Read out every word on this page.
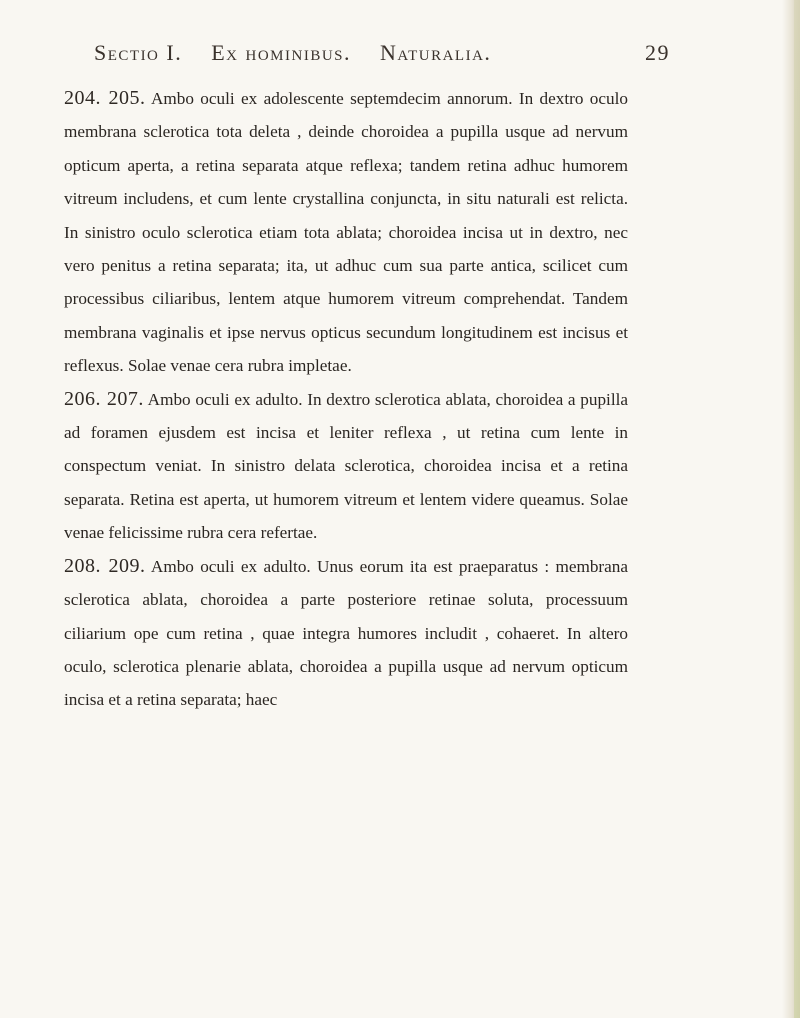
Sectio I. Ex hominibus. Naturalia.	29

204. 205. Ambo oculi ex adolescente septemdecim annorum. In dextro oculo membrana sclerotica tota deleta , deinde choroidea a pupilla usque ad nervum opticum aperta, a retina separata atque reflexa; tandem retina adhuc humorem vitreum includens, et cum lente crystallina conjuncta, in situ naturali est relicta. In sinistro oculo sclerotica etiam tota ablata; choroidea incisa ut in dextro, nec vero penitus a retina separata; ita, ut adhuc cum sua parte antica, scilicet cum processibus ciliaribus, lentem atque humorem vitreum comprehendat. Tandem membrana vaginalis et ipse nervus opticus secundum longitudinem est incisus et reflexus. Solae venae cera rubra impletae.

206. 207. Ambo oculi ex adulto. In dextro sclerotica ablata, choroidea a pupilla ad foramen ejusdem est incisa et leniter reflexa , ut retina cum lente in conspectum veniat. In sinistro delata sclerotica, choroidea incisa et a retina separata. Retina est aperta, ut humorem vitreum et lentem videre queamus. Solae venae felicissime rubra cera refertae.

208. 209. Ambo oculi ex adulto. Unus eorum ita est praeparatus : membrana sclerotica ablata, choroidea a parte posteriore retinae soluta, processuum ciliarium ope cum retina , quae integra humores includit , cohaeret. In altero oculo, sclerotica plenarie ablata, choroidea a pupilla usque ad nervum opticum incisa et a retina separata; haec
